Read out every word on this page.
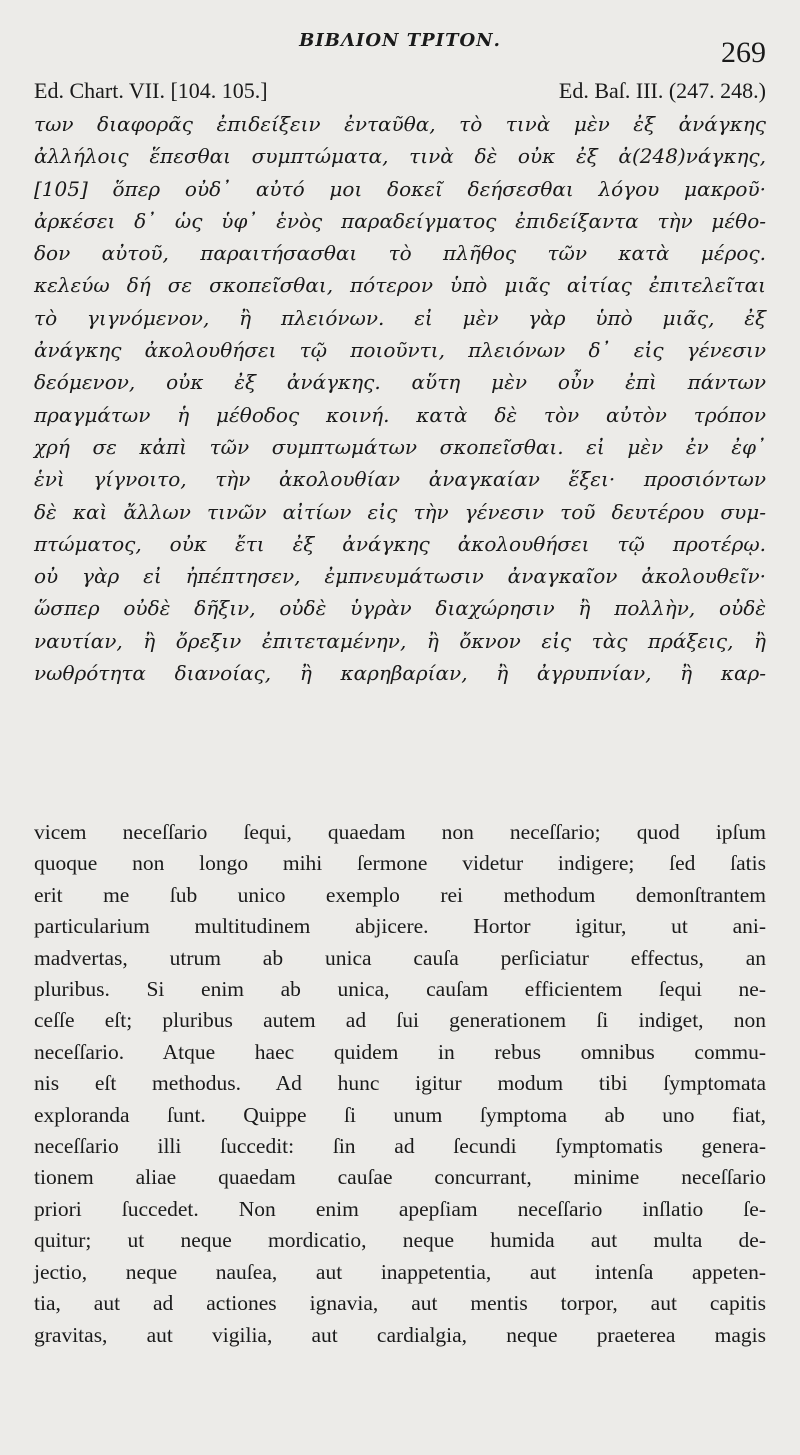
BIBΛΙΟΝ ΤΡΙΤΟΝ.	269
Ed. Chart. VII. [104. 105.]	Ed. Baſ. III. (247. 248.)
των διαφορᾶς ἐπιδείξειν ἐνταῦθα, τὸ τινὰ μὲν ἐξ ἀνάγκης
ἀλλήλοις ἕπεσθαι συμπτώματα, τινὰ δὲ οὐκ ἐξ ἀ(248)νάγκης,
[105] ὅπερ οὐδ᾽ αὐτό μοι δοκεῖ δεήσεσθαι λόγου μακροῦ·
ἀρκέσει δ᾽ ὡς ὑφ᾽ ἑνὸς παραδείγματος ἐπιδείξαντα τὴν μέθο-
δον αὐτοῦ, παραιτήσασθαι τὸ πλῆθος τῶν κατὰ μέρος.
κελεύω δή σε σκοπεῖσθαι, πότερον ὑπὸ μιᾶς αἰτίας ἐπιτελεῖται
τὸ γιγνόμενον, ἢ πλειόνων. εἰ μὲν γὰρ ὑπὸ μιᾶς, ἐξ
ἀνάγκης ἀκολουθήσει τῷ ποιοῦντι, πλειόνων δ᾽ εἰς γένεσιν
δεόμενον, οὐκ ἐξ ἀνάγκης. αὕτη μὲν οὖν ἐπὶ πάντων
πραγμάτων ἡ μέθοδος κοινή. κατὰ δὲ τὸν αὐτὸν τρόπον
χρή σε κἀπὶ τῶν συμπτωμάτων σκοπεῖσθαι. εἰ μὲν ἐν ἐφ᾽
ἑνὶ γίγνοιτο, τὴν ἀκολουθίαν ἀναγκαίαν ἕξει· προσιόντων
δὲ καὶ ἄλλων τινῶν αἰτίων εἰς τὴν γένεσιν τοῦ δευτέρου συμ-
πτώματος, οὐκ ἔτι ἐξ ἀνάγκης ἀκολουθήσει τῷ προτέρῳ.
οὐ γὰρ εἰ ἠπέπτησεν, ἐμπνευμάτωσιν ἀναγκαῖον ἀκολουθεῖν·
ὥσπερ οὐδὲ δῆξιν, οὐδὲ ὑγρὰν διαχώρησιν ἢ πολλὴν, οὐδὲ
ναυτίαν, ἢ ὄρεξιν ἐπιτεταμένην, ἢ ὄκνον εἰς τὰς πράξεις, ἢ
νωθρότητα διανοίας, ἢ καρηβαρίαν, ἢ ἀγρυπνίαν, ἢ καρ-
vicem neceſſario ſequi, quaedam non neceſſario; quod ipſum
quoque non longo mihi ſermone videtur indigere; ſed ſatis
erit me ſub unico exemplo rei methodum demonſtrantem
particularium multitudinem abjicere. Hortor igitur, ut ani-
madvertas, utrum ab unica cauſa perſiciatur effectus, an
pluribus. Si enim ab unica, cauſam efficientem ſequi ne-
ceſſe eſt; pluribus autem ad ſui generationem ſi indiget, non
neceſſario. Atque haec quidem in rebus omnibus commu-
nis eſt methodus. Ad hunc igitur modum tibi ſymptomata
exploranda ſunt. Quippe ſi unum ſymptoma ab uno fiat,
neceſſario illi ſuccedit: ſin ad ſecundi ſymptomatis genera-
tionem aliae quaedam cauſae concurrant, minime neceſſario
priori ſuccedet. Non enim apepſiam neceſſario inſlatio ſe-
quitur; ut neque mordicatio, neque humida aut multa de-
jectio, neque nauſea, aut inappetentia, aut intenſa appeten-
tia, aut ad actiones ignavia, aut mentis torpor, aut capitis
gravitas, aut vigilia, aut cardialgia, neque praeterea magis
